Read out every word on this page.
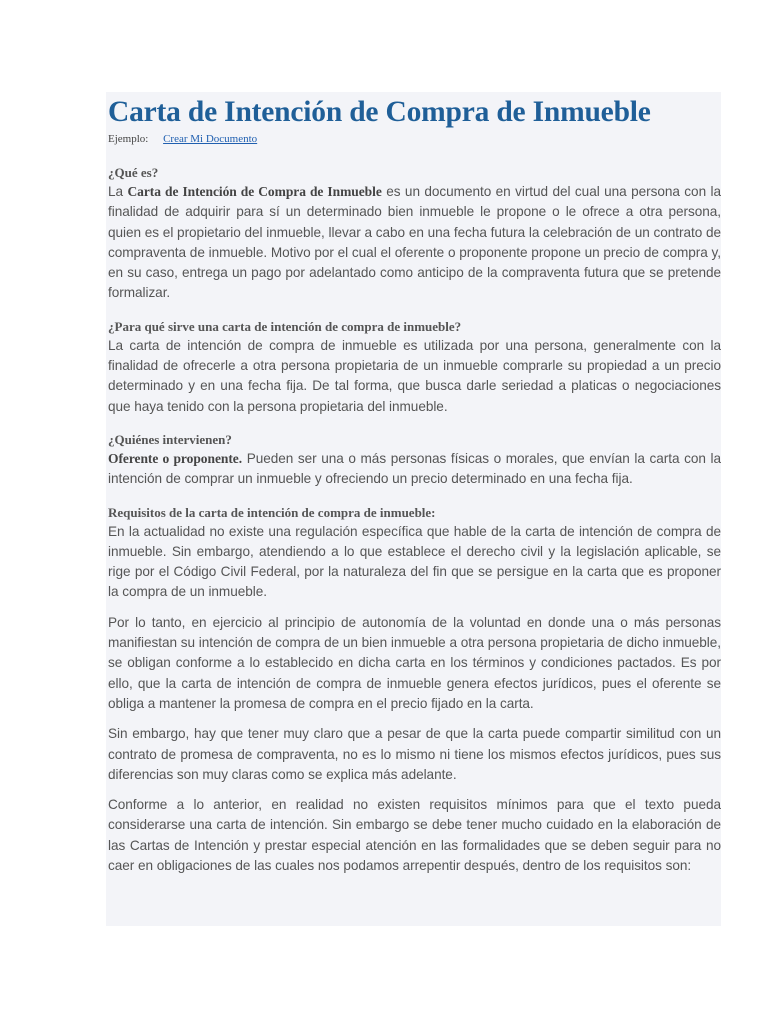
Carta de Intención de Compra de Inmueble
Ejemplo: Crear Mi Documento

¿Qué es?

La Carta de Intención de Compra de Inmueble es un documento en virtud del cual una persona con la finalidad de adquirir para sí un determinado bien inmueble le propone o le ofrece a otra persona, quien es el propietario del inmueble, llevar a cabo en una fecha futura la celebración de un contrato de compraventa de inmueble. Motivo por el cual el oferente o proponente propone un precio de compra y, en su caso, entrega un pago por adelantado como anticipo de la compraventa futura que se pretende formalizar.

¿Para qué sirve una carta de intención de compra de inmueble?

La carta de intención de compra de inmueble es utilizada por una persona, generalmente con la finalidad de ofrecerle a otra persona propietaria de un inmueble comprarle su propiedad a un precio determinado y en una fecha fija. De tal forma, que busca darle seriedad a platicas o negociaciones que haya tenido con la persona propietaria del inmueble.

¿Quiénes intervienen?

Oferente o proponente. Pueden ser una o más personas físicas o morales, que envían la carta con la intención de comprar un inmueble y ofreciendo un precio determinado en una fecha fija.

Requisitos de la carta de intención de compra de inmueble:

En la actualidad no existe una regulación específica que hable de la carta de intención de compra de inmueble. Sin embargo, atendiendo a lo que establece el derecho civil y la legislación aplicable, se rige por el Código Civil Federal, por la naturaleza del fin que se persigue en la carta que es proponer la compra de un inmueble.

Por lo tanto, en ejercicio al principio de autonomía de la voluntad en donde una o más personas manifiestan su intención de compra de un bien inmueble a otra persona propietaria de dicho inmueble, se obligan conforme a lo establecido en dicha carta en los términos y condiciones pactados. Es por ello, que la carta de intención de compra de inmueble genera efectos jurídicos, pues el oferente se obliga a mantener la promesa de compra en el precio fijado en la carta.

Sin embargo, hay que tener muy claro que a pesar de que la carta puede compartir similitud con un contrato de promesa de compraventa, no es lo mismo ni tiene los mismos efectos jurídicos, pues sus diferencias son muy claras como se explica más adelante.

Conforme a lo anterior, en realidad no existen requisitos mínimos para que el texto pueda considerarse una carta de intención. Sin embargo se debe tener mucho cuidado en la elaboración de las Cartas de Intención y prestar especial atención en las formalidades que se deben seguir para no caer en obligaciones de las cuales nos podamos arrepentir después, dentro de los requisitos son:
